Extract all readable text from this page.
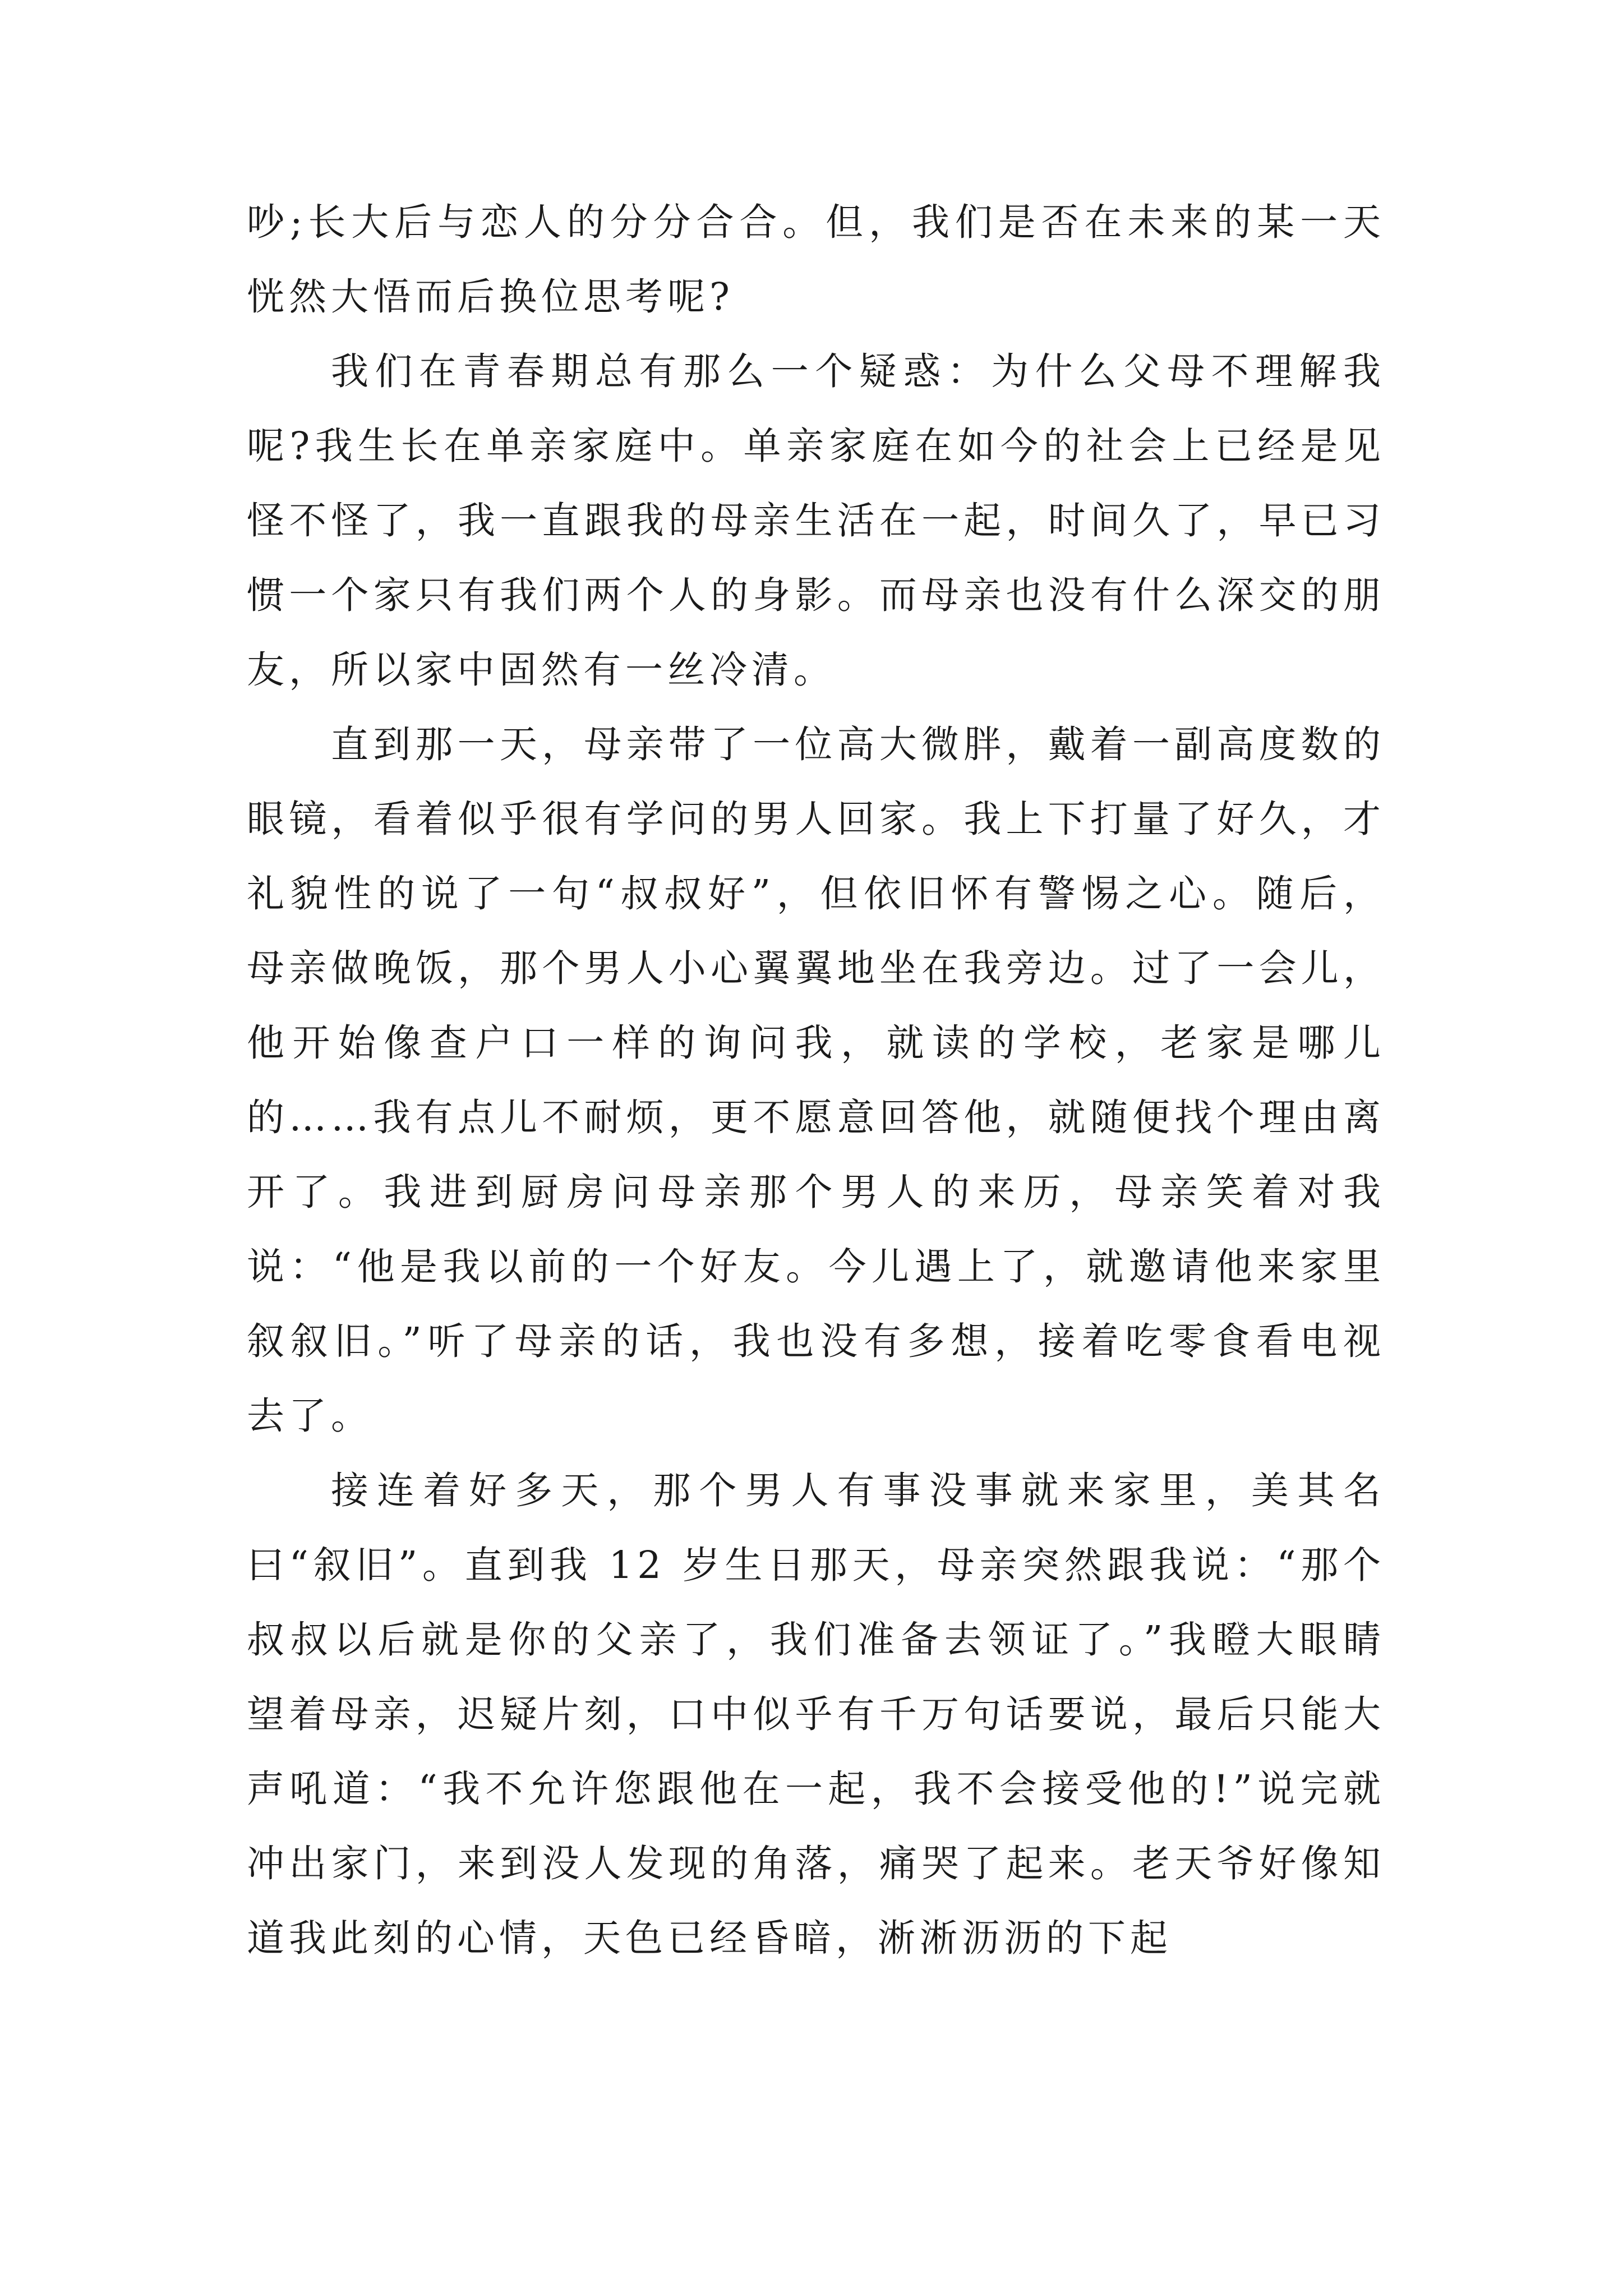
吵;长大后与恋人的分分合合。但，我们是否在未来的某一天恍然大悟而后换位思考呢?

我们在青春期总有那么一个疑惑：为什么父母不理解我呢?我生长在单亲家庭中。单亲家庭在如今的社会上已经是见怪不怪了，我一直跟我的母亲生活在一起，时间久了，早已习惯一个家只有我们两个人的身影。而母亲也没有什么深交的朋友，所以家中固然有一丝冷清。

直到那一天，母亲带了一位高大微胖，戴着一副高度数的眼镜，看着似乎很有学问的男人回家。我上下打量了好久，才礼貌性的说了一句“叔叔好”，但依旧怀有警惕之心。随后，母亲做晚饭，那个男人小心翼翼地坐在我旁边。过了一会儿，他开始像查户口一样的询问我，就读的学校，老家是哪儿的……我有点儿不耐烦，更不愿意回答他，就随便找个理由离开了。我进到厨房问母亲那个男人的来历，母亲笑着对我说：“他是我以前的一个好友。今儿遇上了，就邀请他来家里叙叙旧。”听了母亲的话，我也没有多想，接着吃零食看电视去了。

接连着好多天，那个男人有事没事就来家里，美其名曰“叙旧”。直到我 12 岁生日那天，母亲突然跟我说：“那个叔叔以后就是你的父亲了，我们准备去领证了。”我瞪大眼睛望着母亲，迟疑片刻，口中似乎有千万句话要说，最后只能大声吼道：“我不允许您跟他在一起，我不会接受他的!”说完就冲出家门，来到没人发现的角落，痛哭了起来。老天爷好像知道我此刻的心情，天色已经昏暗，淅淅沥沥的下起
